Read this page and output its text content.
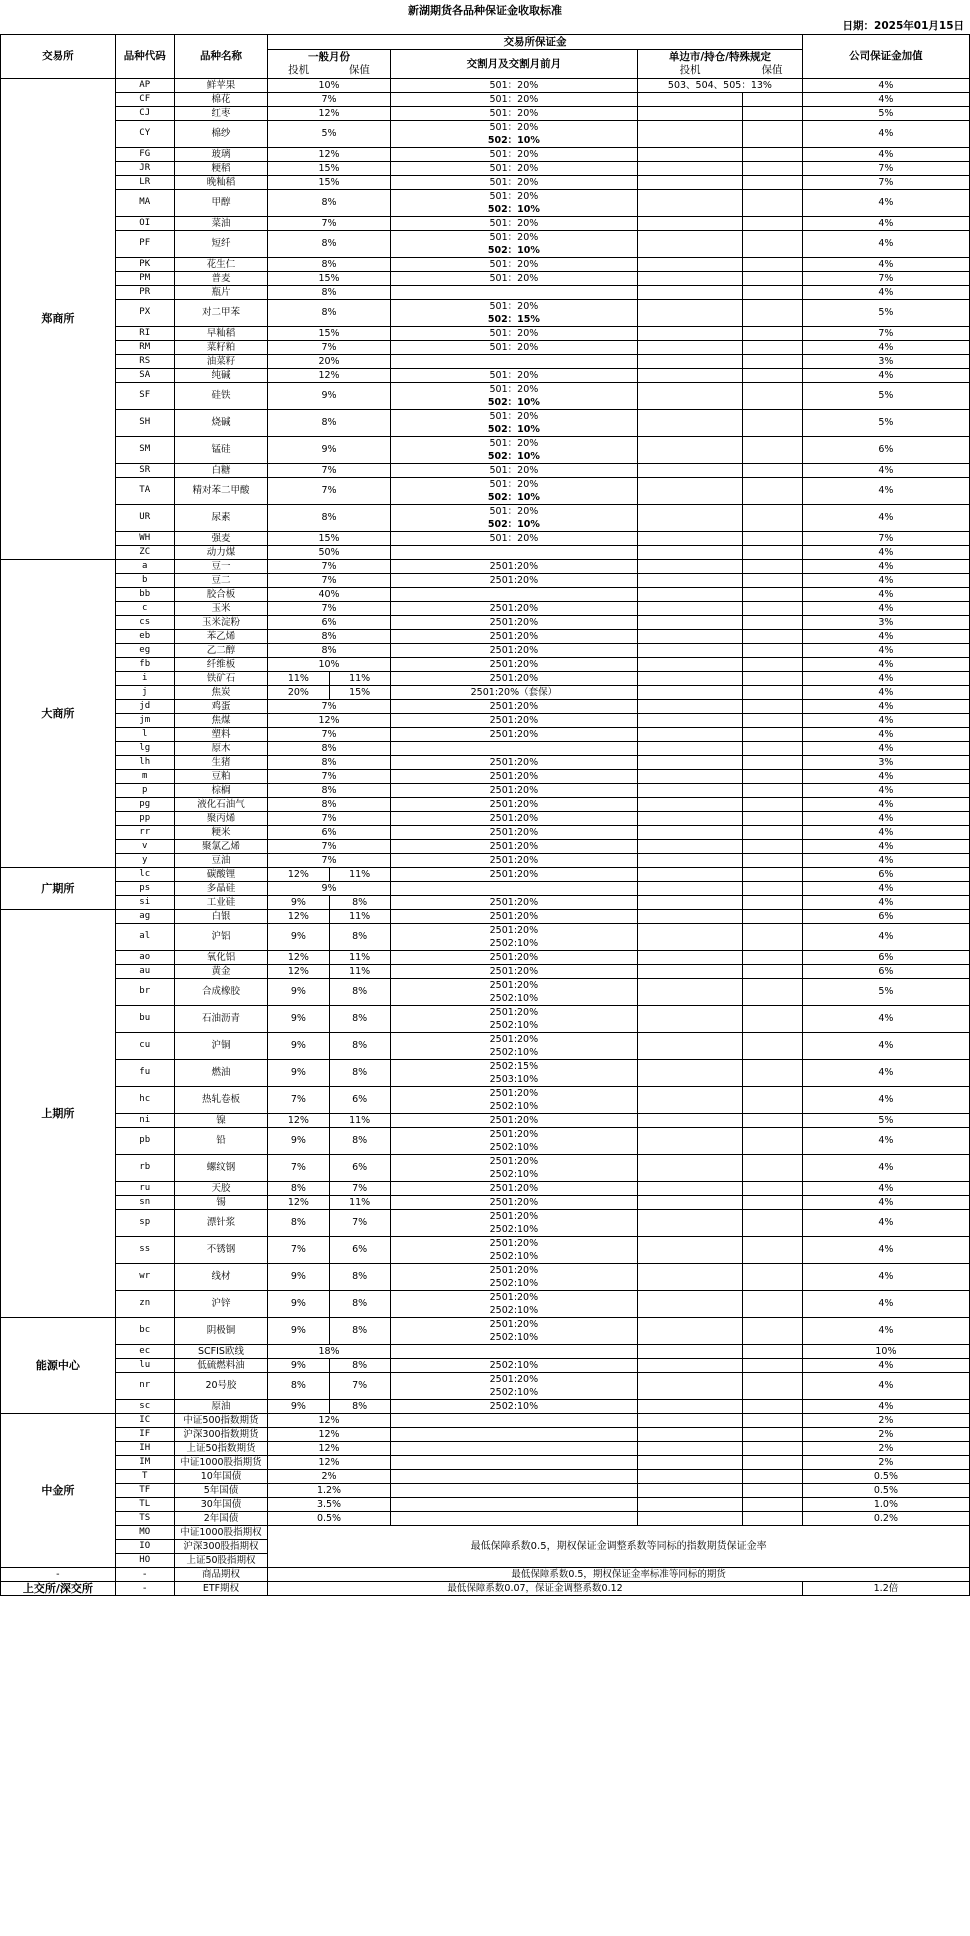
新湖期货各品种保证金收取标准
日期：2025年01月15日
交易所	品种代码	品种名称	交易所保证金					公司保证金加值
			一般月份		交割月及交割月前月	单边市/持仓/特殊规定		
			投机	保值		投机	保值	
郑商所	AP	鲜苹果	10%		501：20%	503、504、505：13%		4%
	CF	棉花	7%		501：20%			4%
	CJ	红枣	12%		501：20%			5%
	CY	棉纱	5%		501：20%
502：10%			4%
	FG	玻璃	12%		501：20%			4%
	JR	粳稻	15%		501：20%			7%
	LR	晚籼稻	15%		501：20%			7%
	MA	甲醇	8%		501：20%
502：10%			4%
	OI	菜油	7%		501：20%			4%
	PF	短纤	8%		501：20%
502：10%			4%
	PK	花生仁	8%		501：20%			4%
	PM	普麦	15%		501：20%			7%
	PR	瓶片	8%					4%
	PX	对二甲苯	8%		501：20%
502：15%			5%
	RI	早籼稻	15%		501：20%			7%
	RM	菜籽粕	7%		501：20%			4%
	RS	油菜籽	20%					3%
	SA	纯碱	12%		501：20%			4%
	SF	硅铁	9%		501：20%
502：10%			5%
	SH	烧碱	8%		501：20%
502：10%			5%
	SM	锰硅	9%		501：20%
502：10%			6%
	SR	白糖	7%		501：20%			4%
	TA	精对苯二甲酸	7%		501：20%
502：10%			4%
	UR	尿素	8%		501：20%
502：10%			4%
	WH	强麦	15%		501：20%			7%
	ZC	动力煤	50%					4%
大商所	a	豆一	7%		2501:20%			4%
	b	豆二	7%		2501:20%			4%
	bb	胶合板	40%					4%
	c	玉米	7%		2501:20%			4%
	cs	玉米淀粉	6%		2501:20%			3%
	eb	苯乙烯	8%		2501:20%			4%
	eg	乙二醇	8%		2501:20%			4%
	fb	纤维板	10%		2501:20%			4%
	i	铁矿石	11%	11%	2501:20%			4%
	j	焦炭	20%	15%	2501:20%（套保）			4%
	jd	鸡蛋	7%		2501:20%			4%
	jm	焦煤	12%		2501:20%			4%
	l	塑料	7%		2501:20%			4%
	lg	原木	8%					4%
	lh	生猪	8%		2501:20%			3%
	m	豆粕	7%		2501:20%			4%
	p	棕榈	8%		2501:20%			4%
	pg	液化石油气	8%		2501:20%			4%
	pp	聚丙烯	7%		2501:20%			4%
	rr	粳米	6%		2501:20%			4%
	v	聚氯乙烯	7%		2501:20%			4%
	y	豆油	7%		2501:20%			4%
广期所	lc	碳酸锂	12%	11%	2501:20%			6%
	ps	多晶硅	9%					4%
	si	工业硅	9%	8%	2501:20%			4%
上期所	ag	白银	12%	11%	2501:20%			6%
	al	沪铝	9%	8%	2501:20%
2502:10%			4%
	ao	氧化铝	12%	11%	2501:20%			6%
	au	黄金	12%	11%	2501:20%			6%
	br	合成橡胶	9%	8%	2501:20%
2502:10%			5%
	bu	石油沥青	9%	8%	2501:20%
2502:10%			4%
	cu	沪铜	9%	8%	2501:20%
2502:10%			4%
	fu	燃油	9%	8%	2502:15%
2503:10%			4%
	hc	热轧卷板	7%	6%	2501:20%
2502:10%			4%
	ni	镍	12%	11%	2501:20%			5%
	pb	铅	9%	8%	2501:20%
2502:10%			4%
	rb	螺纹钢	7%	6%	2501:20%
2502:10%			4%
	ru	天胶	8%	7%	2501:20%			4%
	sn	锡	12%	11%	2501:20%			4%
	sp	漂针浆	8%	7%	2501:20%
2502:10%			4%
	ss	不锈钢	7%	6%	2501:20%
2502:10%			4%
	wr	线材	9%	8%	2501:20%
2502:10%			4%
	zn	沪锌	9%	8%	2501:20%
2502:10%			4%
能源中心	bc	阴极铜	9%	8%	2501:20%
2502:10%			4%
	ec	SCFIS欧线	18%					10%
	lu	低硫燃料油	9%	8%	2502:10%			4%
	nr	20号胶	8%	7%	2501:20%
2502:10%			4%
	sc	原油	9%	8%	2502:10%			4%
中金所	IC	中证500指数期货	12%					2%
	IF	沪深300指数期货	12%					2%
	IH	上证50指数期货	12%					2%
	IM	中证1000股指期货	12%					2%
	T	10年国债	2%					0.5%
	TF	5年国债	1.2%					0.5%
	TL	30年国债	3.5%					1.0%
	TS	2年国债	0.5%					0.2%
	MO	中证1000股指期权	最低保障系数0.5，期权保证金调整系数等同标的指数期货保证金率					
	IO	沪深300股指期权						
	HO	上证50股指期权						
-	-	商品期权	最低保障系数0.5，期权保证金率标准等同标的期货					
上交所/深交所	-	ETF期权	最低保障系数0.07，保证金调整系数0.12					1.2倍
